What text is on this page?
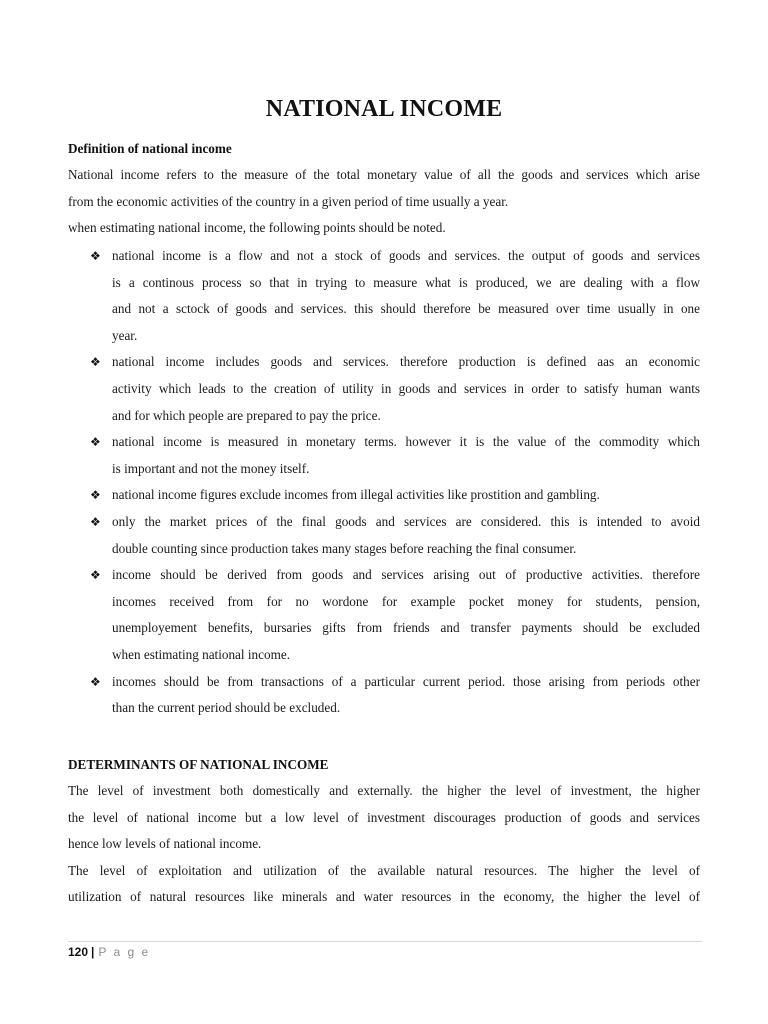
NATIONAL INCOME
Definition of national income
National income refers to the measure of the total monetary value of all the goods and services which arise
from the economic activities of the country in a given period of time usually a year.
when estimating national income, the following points should be noted.
❖ national income is a flow and not a stock of goods and services. the output of goods and services
is a continous process so that in trying to measure what is produced, we are dealing with a flow
and not a sctock of goods and services. this should therefore be measured over time usually in one
year.
❖ national income includes goods and services. therefore production is defined aas an economic
activity which leads to the creation of utility in goods and services in order to satisfy human wants
and for which people are prepared to pay the price.
❖ national income is measured in monetary terms. however it is the value of the commodity which
is important and not the money itself.
❖ national income figures exclude incomes from illegal activities like prostition and gambling.
❖ only the market prices of the final goods and services are considered. this is intended to avoid
double counting since production takes many stages before reaching the final consumer.
❖ income should be derived from goods and services arising out of productive activities. therefore
incomes received from for no wordone for example pocket money for students, pension,
unemployement benefits, bursaries gifts from friends and transfer payments should be excluded
when estimating national income.
❖ incomes should be from transactions of a particular current period. those arising from periods other
than the current period should be excluded.
DETERMINANTS OF NATIONAL INCOME
The level of investment both domestically and externally. the higher the level of investment, the higher
the level of national income but a low level of investment discourages production of goods and services
hence low levels of national income.
The level of exploitation and utilization of the available natural resources. The higher the level of
utilization of natural resources like minerals and water resources in the economy, the higher the level of
120 | P a g e
